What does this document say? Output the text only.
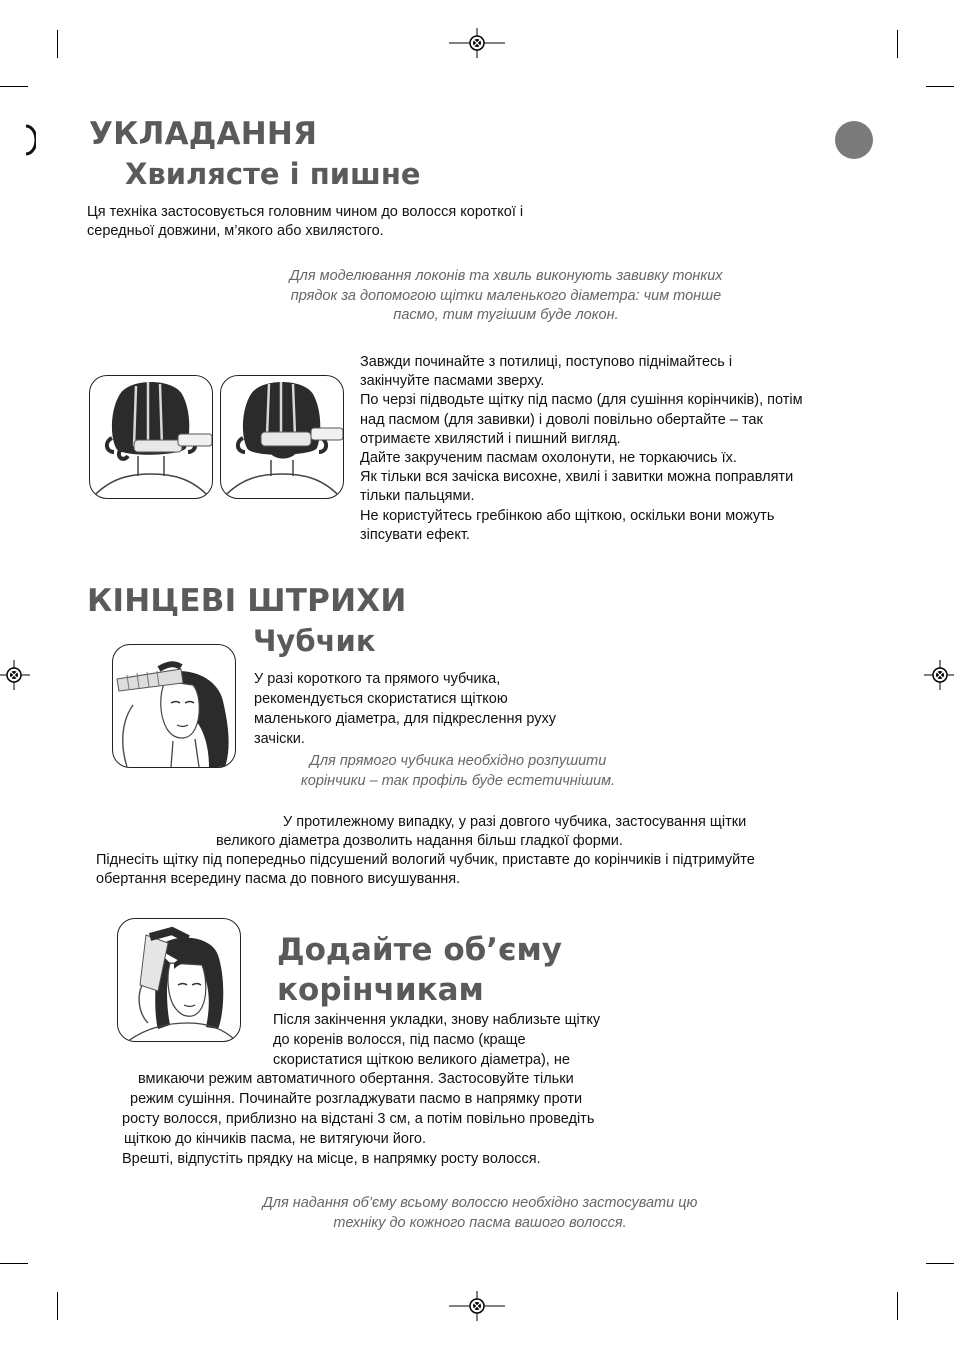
УКЛАДАННЯ
Хвилясте і пишне
Ця техніка застосовується головним чином до волосся короткої і
середньої довжини, м’якого або хвилястого.
Для моделювання локонів та хвиль виконують завивку тонких
прядок за допомогою щітки маленького діаметра: чим тонше
пасмо, тим тугішим буде локон.
Завжди починайте з потилиці, поступово піднімайтесь і
закінчуйте пасмами зверху.
По черзі підводьте щітку під пасмо (для сушіння корінчиків), потім
над пасмом (для завивки) і доволі повільно обертайте – так
отримаєте хвилястий і пишний вигляд.
Дайте закрученим пасмам охолонути, не торкаючись їх.
Як тільки вся зачіска висохне, хвилі і завитки можна поправляти
тільки пальцями.
Не користуйтесь гребінкою або щіткою, оскільки вони можуть
зіпсувати ефект.
КІНЦЕВІ ШТРИХИ
Чубчик
У разі короткого та прямого чубчика,
рекомендується скористатися щіткою
маленького діаметра, для підкреслення руху
зачіски.
Для прямого чубчика необхідно розпушити
корінчики – так профіль буде естетичнішим.
У протилежному випадку, у разі довгого чубчика, застосування щітки
великого діаметра дозволить надання більш гладкої форми.
Піднесіть щітку під попередньо підсушений вологий чубчик, приставте до корінчиків і підтримуйте
обертання всередину пасма до повного висушування.
Додайте об’єму
корінчикам
Після закінчення укладки, знову наблизьте щітку
до коренів волосся, під пасмо (краще
скористатися щіткою великого діаметра), не
вмикаючи режим автоматичного обертання. Застосовуйте тільки
режим сушіння. Починайте розгладжувати пасмо в напрямку проти
росту волосся, приблизно на відстані 3 см, а потім повільно проведіть
щіткою до кінчиків пасма, не витягуючи його.
Врешті, відпустіть прядку на місце, в напрямку росту волосся.
Для надання об’єму всьому волоссю необхідно застосувати цю
техніку до кожного пасма вашого волосся.
